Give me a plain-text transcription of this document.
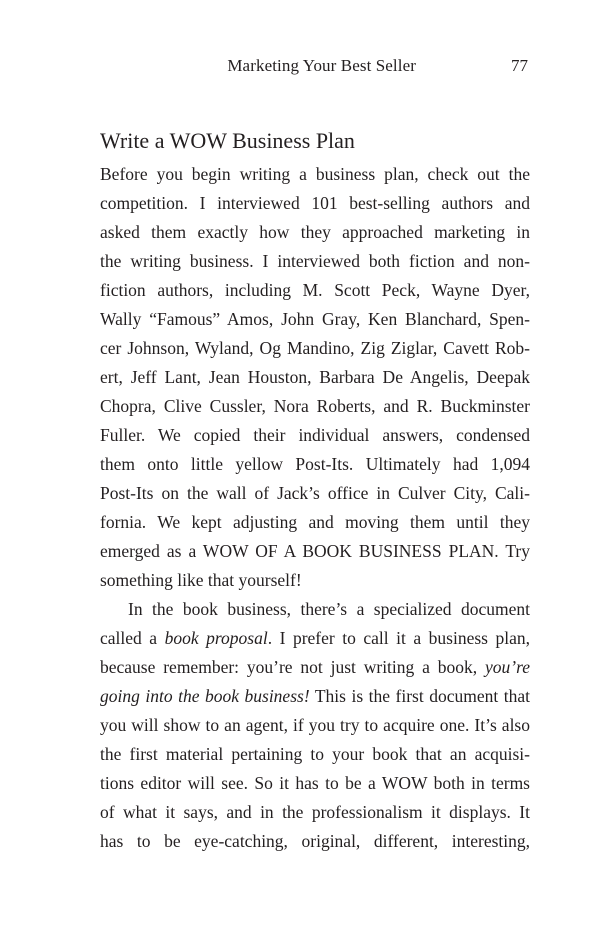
Marketing Your Best Seller	77
Write a WOW Business Plan
Before you begin writing a business plan, check out the
competition. I interviewed 101 best-selling authors and
asked them exactly how they approached marketing in
the writing business. I interviewed both fiction and non-
fiction authors, including M. Scott Peck, Wayne Dyer,
Wally “Famous” Amos, John Gray, Ken Blanchard, Spen-
cer Johnson, Wyland, Og Mandino, Zig Ziglar, Cavett Rob-
ert, Jeff Lant, Jean Houston, Barbara De Angelis, Deepak
Chopra, Clive Cussler, Nora Roberts, and R. Buckminster
Fuller. We copied their individual answers, condensed
them onto little yellow Post-Its. Ultimately had 1,094
Post-Its on the wall of Jack’s office in Culver City, Cali-
fornia. We kept adjusting and moving them until they
emerged as a WOW OF A BOOK BUSINESS PLAN. Try
something like that yourself!
In the book business, there’s a specialized document
called a book proposal. I prefer to call it a business plan,
because remember: you’re not just writing a book, you’re
going into the book business! This is the first document that
you will show to an agent, if you try to acquire one. It’s also
the first material pertaining to your book that an acquisi-
tions editor will see. So it has to be a WOW both in terms
of what it says, and in the professionalism it displays. It
has to be eye-catching, original, different, interesting,
